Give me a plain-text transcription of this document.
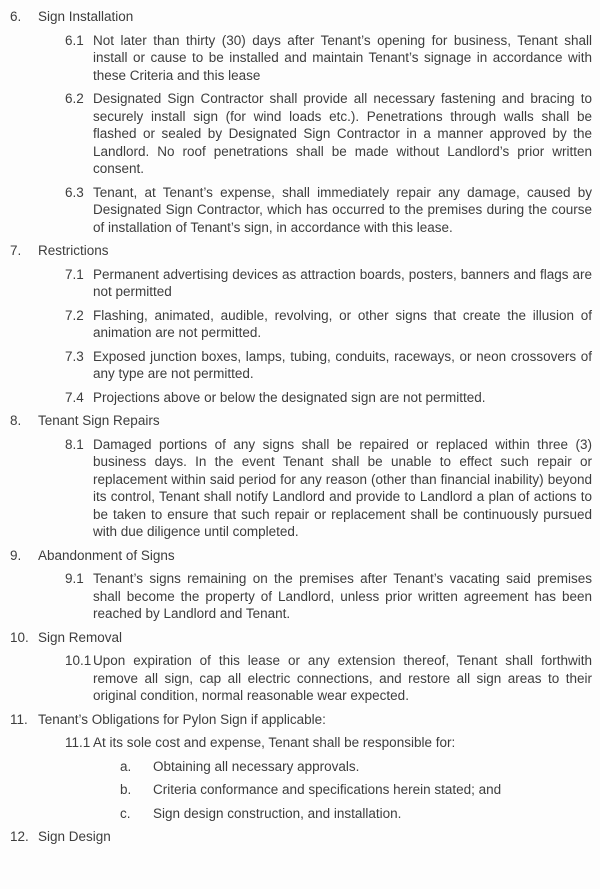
6.	Sign Installation
6.1 Not later than thirty (30) days after Tenant’s opening for business, Tenant shall install or cause to be installed and maintain Tenant’s signage in accordance with these Criteria and this lease

6.2 Designated Sign Contractor shall provide all necessary fastening and bracing to securely install sign (for wind loads etc.). Penetrations through walls shall be flashed or sealed by Designated Sign Contractor in a manner approved by the Landlord. No roof penetrations shall be made without Landlord’s prior written consent.

6.3 Tenant, at Tenant’s expense, shall immediately repair any damage, caused by Designated Sign Contractor, which has occurred to the premises during the course of installation of Tenant’s sign, in accordance with this lease.

7.	Restrictions
7.1 Permanent advertising devices as attraction boards, posters, banners and flags are not permitted

7.2 Flashing, animated, audible, revolving, or other signs that create the illusion of animation are not permitted.

7.3 Exposed junction boxes, lamps, tubing, conduits, raceways, or neon crossovers of any type are not permitted.

7.4 Projections above or below the designated sign are not permitted.

8.	Tenant Sign Repairs
8.1 Damaged portions of any signs shall be repaired or replaced within three (3) business days. In the event Tenant shall be unable to effect such repair or replacement within said period for any reason (other than financial inability) beyond its control, Tenant shall notify Landlord and provide to Landlord a plan of actions to be taken to ensure that such repair or replacement shall be continuously pursued with due diligence until completed.

9.	Abandonment of Signs
9.1 Tenant’s signs remaining on the premises after Tenant’s vacating said premises shall become the property of Landlord, unless prior written agreement has been reached by Landlord and Tenant.

10. Sign Removal
10.1 Upon expiration of this lease or any extension thereof, Tenant shall forthwith remove all sign, cap all electric connections, and restore all sign areas to their original condition, normal reasonable wear expected.

11. Tenant’s Obligations for Pylon Sign if applicable:
11.1 At its sole cost and expense, Tenant shall be responsible for:

a.	Obtaining all necessary approvals.

b.	Criteria conformance and specifications herein stated; and

c.	Sign design construction, and installation.

12. Sign Design
